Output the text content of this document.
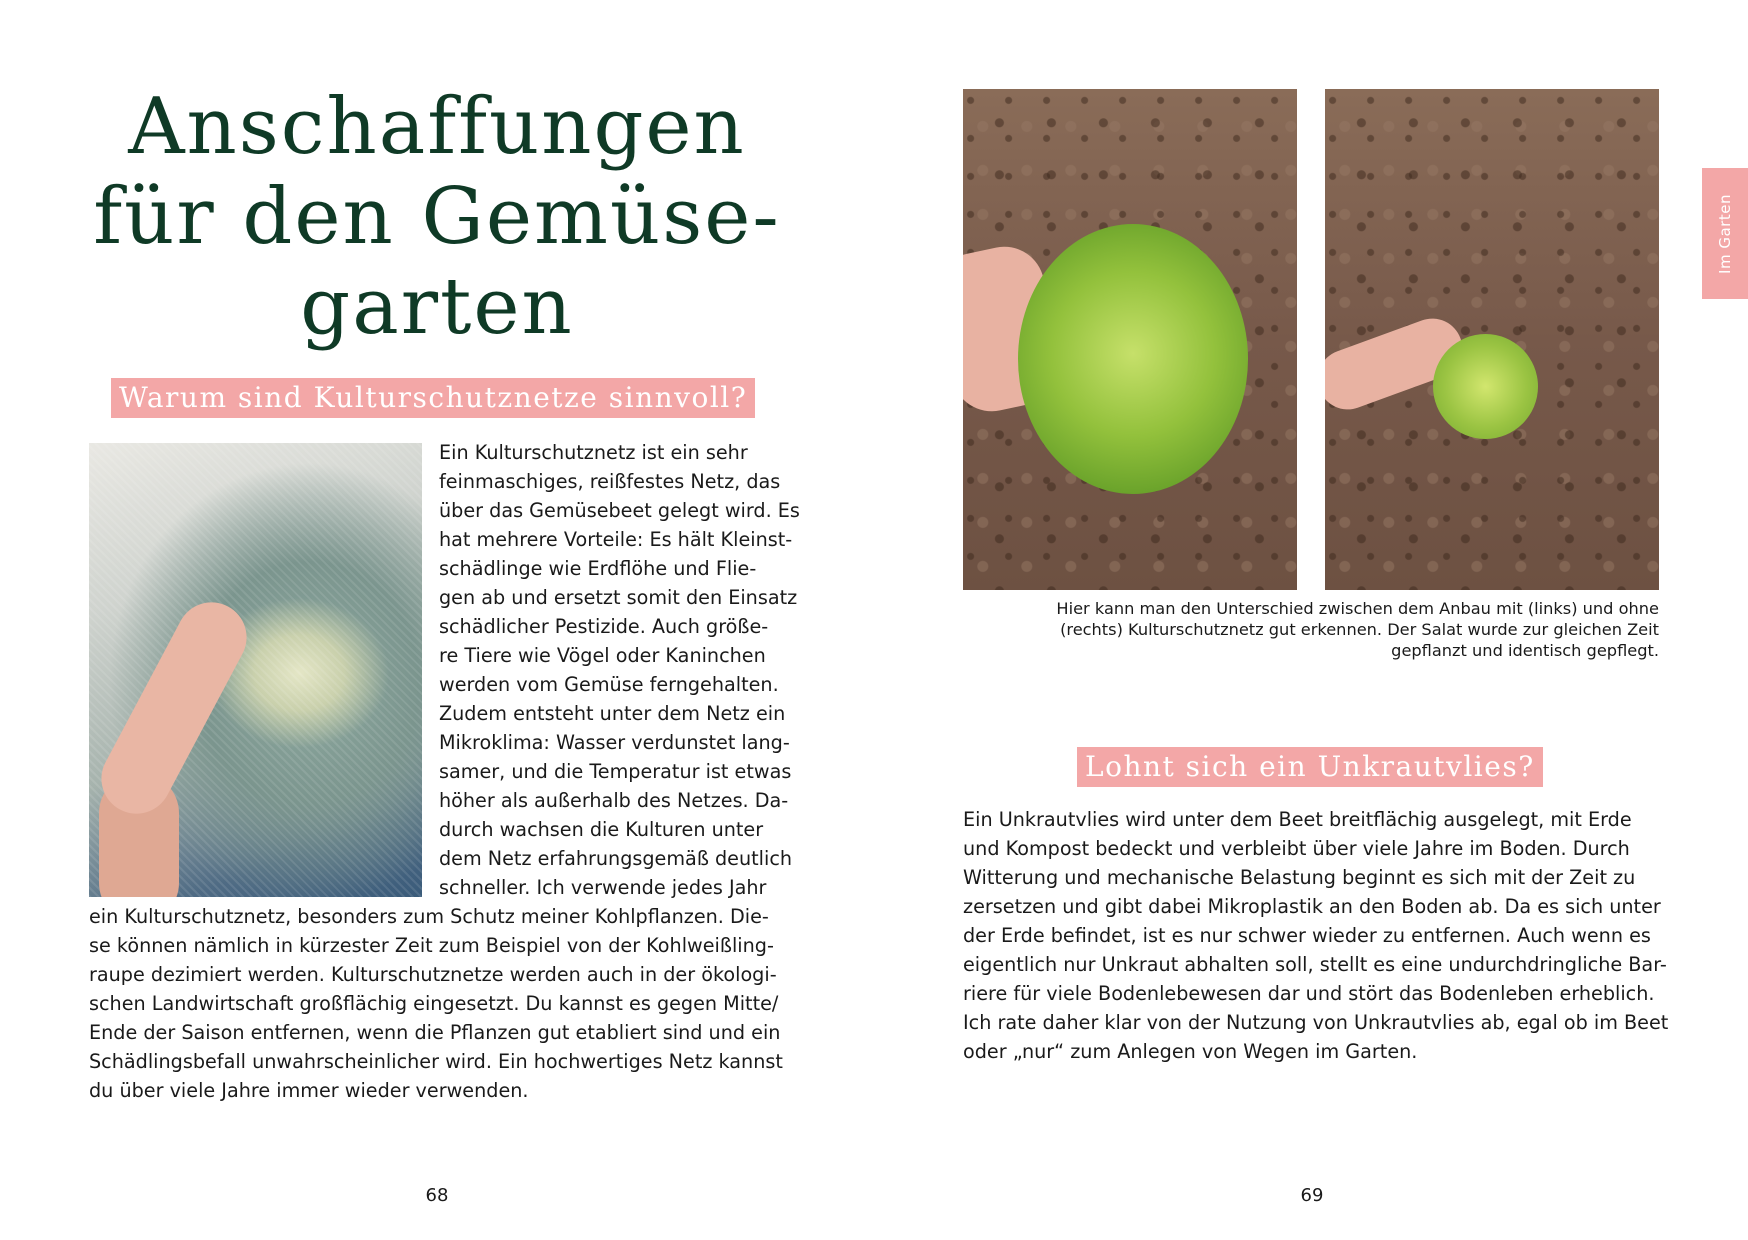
Anschaffungen
für den Gemüse-
garten
Warum sind Kulturschutznetze sinnvoll?

Ein Kulturschutznetz ist ein sehr
feinmaschiges, reißfestes Netz, das
über das Gemüsebeet gelegt wird. Es
hat mehrere Vorteile: Es hält Kleinst-
schädlinge wie Erdflöhe und Flie-
gen ab und ersetzt somit den Einsatz
schädlicher Pestizide. Auch größe-
re Tiere wie Vögel oder Kaninchen
werden vom Gemüse ferngehalten.
Zudem entsteht unter dem Netz ein
Mikroklima: Wasser verdunstet lang-
samer, und die Temperatur ist etwas
höher als außerhalb des Netzes. Da-
durch wachsen die Kulturen unter
dem Netz erfahrungsgemäß deutlich
schneller. Ich verwende jedes Jahr

ein Kulturschutznetz, besonders zum Schutz meiner Kohlpflanzen. Die-
se können nämlich in kürzester Zeit zum Beispiel von der Kohlweißling-
raupe dezimiert werden. Kulturschutznetze werden auch in der ökologi-
schen Landwirtschaft großflächig eingesetzt. Du kannst es gegen Mitte/
Ende der Saison entfernen, wenn die Pflanzen gut etabliert sind und ein
Schädlingsbefall unwahrscheinlicher wird. Ein hochwertiges Netz kannst
du über viele Jahre immer wieder verwenden.

68

Hier kann man den Unterschied zwischen dem Anbau mit (links) und ohne
(rechts) Kulturschutznetz gut erkennen. Der Salat wurde zur gleichen Zeit
gepflanzt und identisch gepflegt.

Lohnt sich ein Unkrautvlies?

Ein Unkrautvlies wird unter dem Beet breitflächig ausgelegt, mit Erde
und Kompost bedeckt und verbleibt über viele Jahre im Boden. Durch
Witterung und mechanische Belastung beginnt es sich mit der Zeit zu
zersetzen und gibt dabei Mikroplastik an den Boden ab. Da es sich unter
der Erde befindet, ist es nur schwer wieder zu entfernen. Auch wenn es
eigentlich nur Unkraut abhalten soll, stellt es eine undurchdringliche Bar-
riere für viele Bodenlebewesen dar und stört das Bodenleben erheblich.
Ich rate daher klar von der Nutzung von Unkrautvlies ab, egal ob im Beet
oder „nur“ zum Anlegen von Wegen im Garten.

69
Im Garten
